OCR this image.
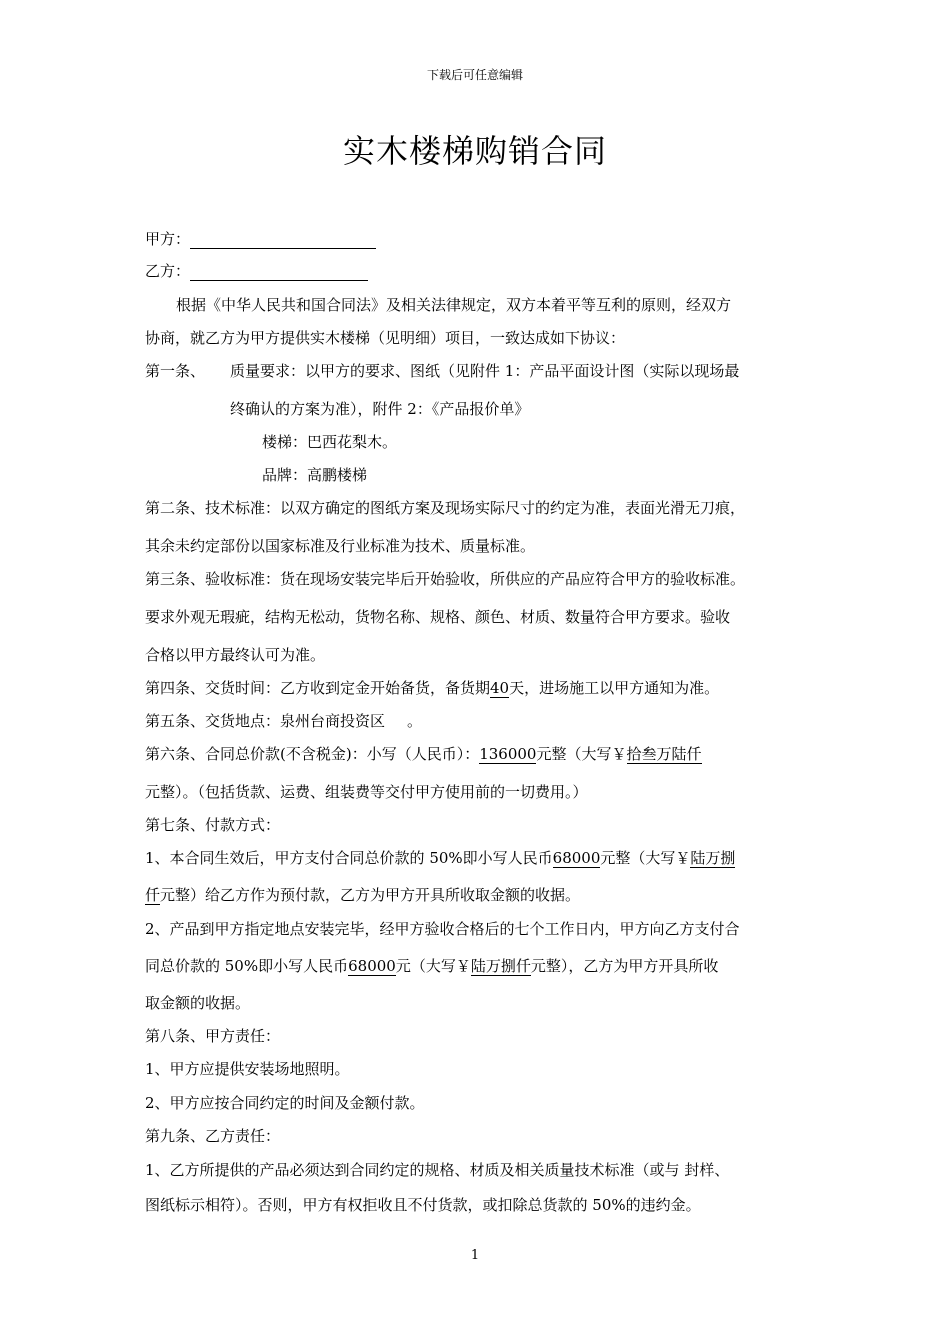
下载后可任意编辑
实木楼梯购销合同
甲方：
乙方：
根据《中华人民共和国合同法》及相关法律规定，双方本着平等互利的原则，经双方
协商，就乙方为甲方提供实木楼梯（见明细）项目，一致达成如下协议：
第一条、 质量要求：以甲方的要求、图纸（见附件 1：产品平面设计图（实际以现场最
终确认的方案为准），附件 2：《产品报价单》
楼梯：巴西花梨木。
品牌：高鹏楼梯
第二条、技术标准：以双方确定的图纸方案及现场实际尺寸的约定为准，表面光滑无刀痕，
其余未约定部份以国家标准及行业标准为技术、质量标准。
第三条、验收标准：货在现场安装完毕后开始验收，所供应的产品应符合甲方的验收标准。
要求外观无瑕疵，结构无松动，货物名称、规格、颜色、材质、数量符合甲方要求。验收
合格以甲方最终认可为准。
第四条、交货时间：乙方收到定金开始备货，备货期40天，进场施工以甲方通知为准。
第五条、交货地点：泉州台商投资区 。
第六条、合同总价款(不含税金)：小写（人民币）：136000元整（大写￥拾叁万陆仟
元整）。（包括货款、运费、组装费等交付甲方使用前的一切费用。）
第七条、付款方式：
1、本合同生效后，甲方支付合同总价款的 50%即小写人民币68000元整（大写￥陆万捌
仟元整）给乙方作为预付款，乙方为甲方开具所收取金额的收据。
2、产品到甲方指定地点安装完毕，经甲方验收合格后的七个工作日内，甲方向乙方支付合
同总价款的 50%即小写人民币68000元（大写￥陆万捌仟元整），乙方为甲方开具所收
取金额的收据。
第八条、甲方责任：
1、甲方应提供安装场地照明。
2、甲方应按合同约定的时间及金额付款。
第九条、乙方责任：
1、乙方所提供的产品必须达到合同约定的规格、材质及相关质量技术标准（或与 封样、
图纸标示相符）。否则，甲方有权拒收且不付货款，或扣除总货款的 50%的违约金。
1
